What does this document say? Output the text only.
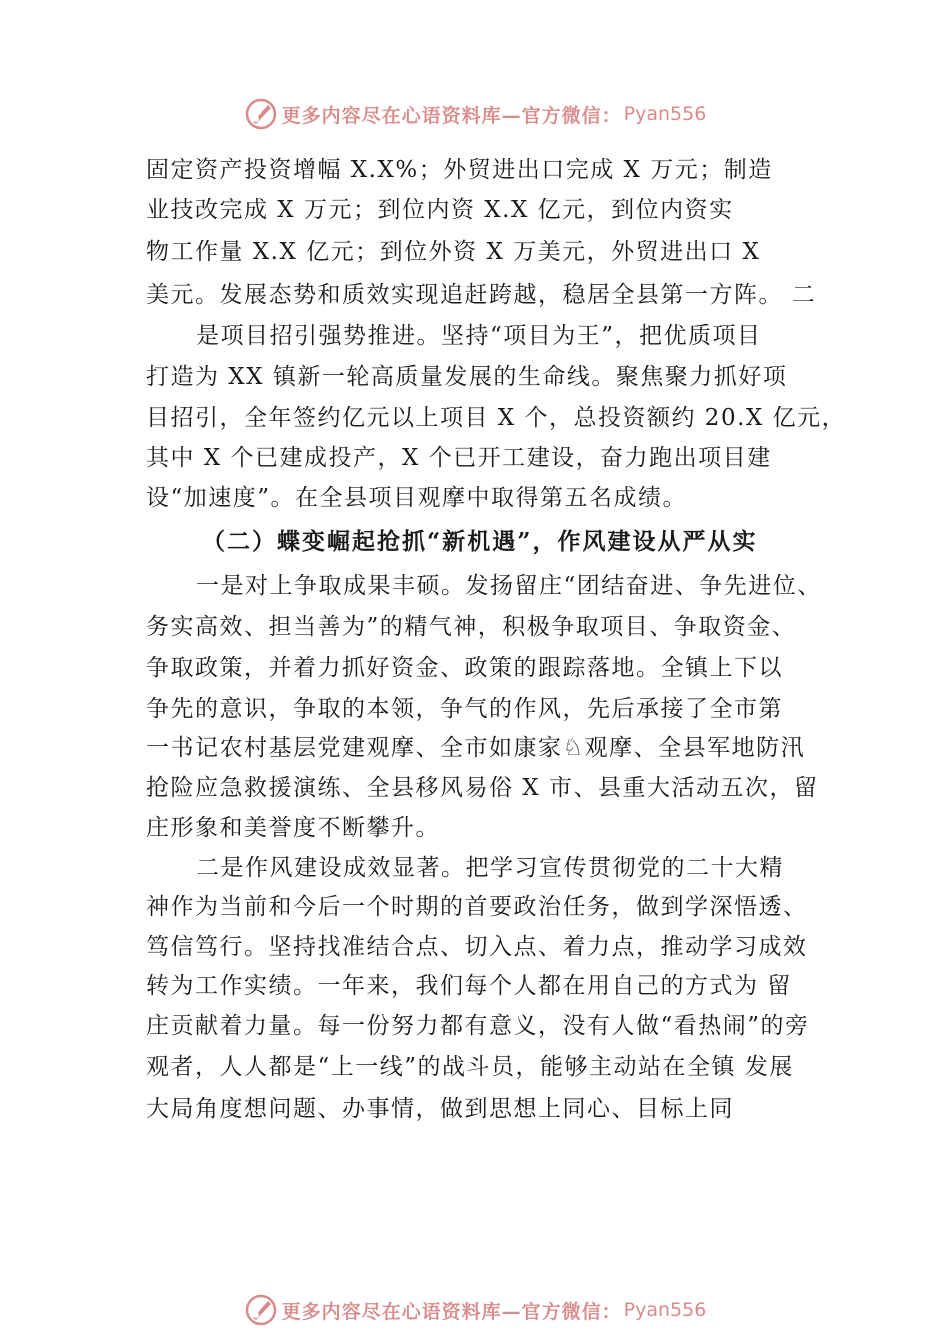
更多内容尽在心语资料库—官方微信： Pyan556
固定资产投资增幅 X.X%；外贸进出口完成 X 万元；制造
业技改完成 X 万元；到位内资 X.X 亿元，到位内资实
物工作量 X.X 亿元；到位外资 X 万美元，外贸进出口 X
美元。发展态势和质效实现追赶跨越，稳居全县第一方阵。 二
是项目招引强势推进。坚持“项目为王”，把优质项目
打造为 XX 镇新一轮高质量发展的生命线。聚焦聚力抓好项
目招引，全年签约亿元以上项目 X 个，总投资额约 20.X 亿元，
其中 X 个已建成投产，X 个已开工建设，奋力跑出项目建
设“加速度”。在全县项目观摩中取得第五名成绩。
（二）蝶变崛起抢抓“新机遇”，作风建设从严从实
一是对上争取成果丰硕。发扬留庄“团结奋进、争先进位、
务实高效、担当善为”的精气神，积极争取项目、争取资金、
争取政策，并着力抓好资金、政策的跟踪落地。全镇上下以
争先的意识，争取的本领，争气的作风，先后承接了全市第
一书记农村基层党建观摩、全市如康家♘观摩、全县军地防汛
抢险应急救援演练、全县移风易俗 X 市、县重大活动五次，留
庄形象和美誉度不断攀升。
二是作风建设成效显著。把学习宣传贯彻党的二十大精
神作为当前和今后一个时期的首要政治任务，做到学深悟透、
笃信笃行。坚持找准结合点、切入点、着力点，推动学习成效
转为工作实绩。一年来，我们每个人都在用自己的方式为 留
庄贡献着力量。每一份努力都有意义，没有人做“看热闹”的旁
观者，人人都是“上一线”的战斗员，能够主动站在全镇 发展
大局角度想问题、办事情，做到思想上同心、目标上同
更多内容尽在心语资料库—官方微信： Pyan556
